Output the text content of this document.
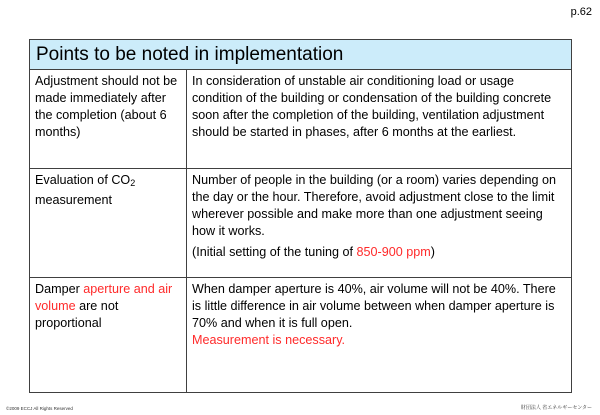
p.62
Points to be noted in implementation	
Adjustment should not be made immediately after the completion (about 6 months)	In consideration of unstable air conditioning load or usage condition of the building or condensation of the building concrete soon after the completion of the building, ventilation adjustment should be started in phases, after 6 months at the earliest.
Evaluation of $CO_2$
measurement	Number of people in the building (or a room) varies depending on the day or the hour. Therefore, avoid adjustment close to the limit wherever possible and make more than one adjustment seeing how it works.
(Initial setting of the tuning of 850-900 ppm)

Damper aperture and air volume are not proportional	When damper aperture is 40%, air volume will not be 40%. There is little difference in air volume between when damper aperture is 70% and when it is full open.
Measurement is necessary.
©2009 ECCJ All Rights Reserved	財団法人 省エネルギーセンター
